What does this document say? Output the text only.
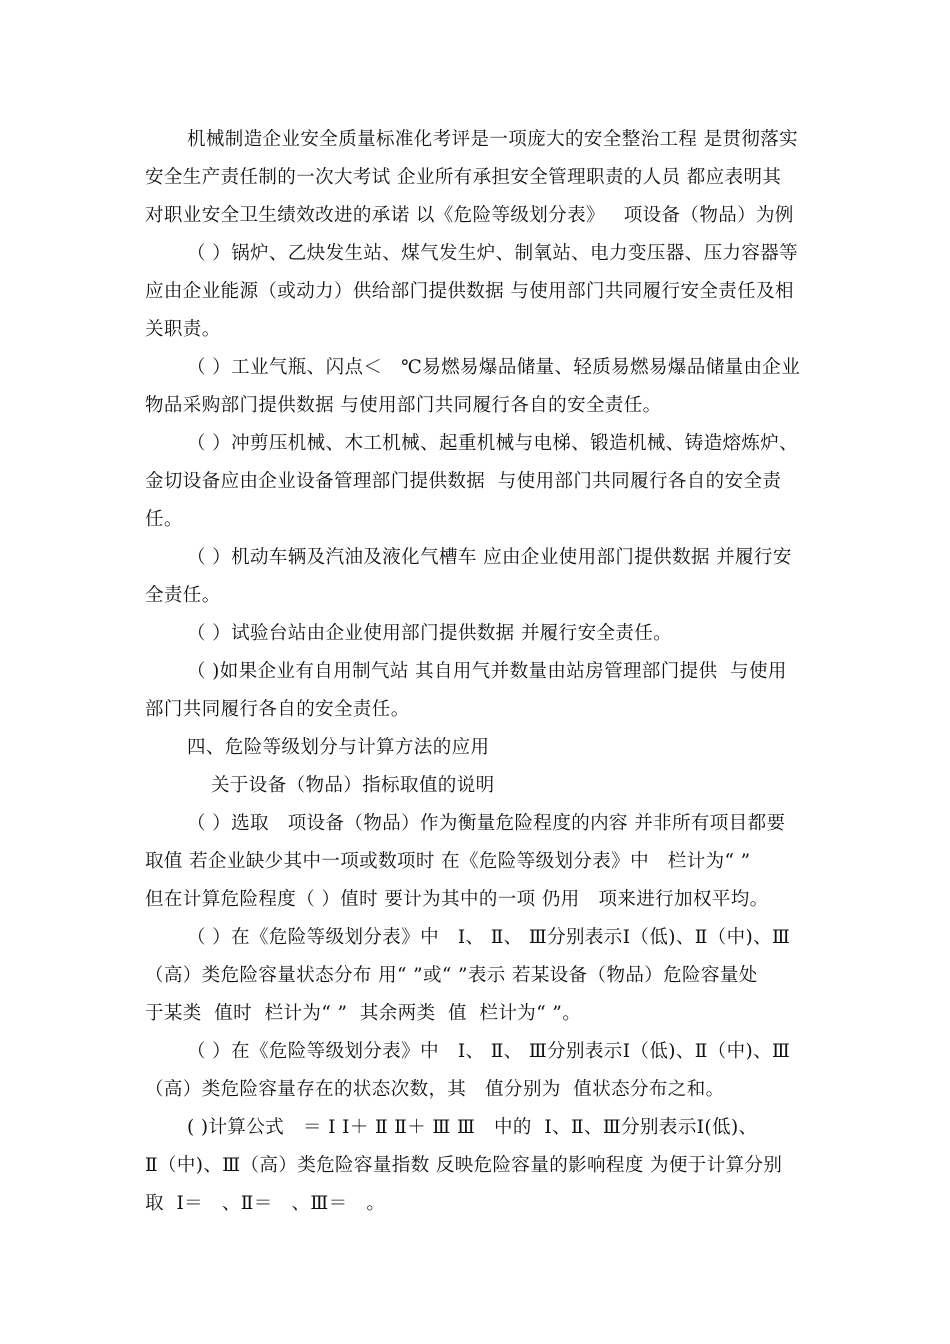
机械制造企业安全质量标准化考评是一项庞大的安全整治工程 是贯彻落实

安全生产责任制的一次大考试 企业所有承担安全管理职责的人员 都应表明其

对职业安全卫生绩效改进的承诺 以《危险等级划分表》   项设备（物品）为例

（ ）锅炉、乙炔发生站、煤气发生炉、制氧站、电力变压器、压力容器等

应由企业能源（或动力）供给部门提供数据 与使用部门共同履行安全责任及相

关职责。

（ ）工业气瓶、闪点＜   ℃易燃易爆品储量、轻质易燃易爆品储量由企业

物品采购部门提供数据 与使用部门共同履行各自的安全责任。

（ ）冲剪压机械、木工机械、起重机械与电梯、锻造机械、铸造熔炼炉、

金切设备应由企业设备管理部门提供数据  与使用部门共同履行各自的安全责

任。

（ ）机动车辆及汽油及液化气槽车 应由企业使用部门提供数据 并履行安

全责任。

（ ）试验台站由企业使用部门提供数据 并履行安全责任。

（ )如果企业有自用制气站 其自用气并数量由站房管理部门提供  与使用

部门共同履行各自的安全责任。

四、危险等级划分与计算方法的应用

关于设备（物品）指标取值的说明

（ ）选取   项设备（物品）作为衡量危险程度的内容 并非所有项目都要

取值 若企业缺少其中一项或数项时 在《危险等级划分表》中   栏计为“ ”

但在计算危险程度（ ）值时 要计为其中的一项 仍用   项来进行加权平均。

（ ）在《危险等级划分表》中   Ⅰ、 Ⅱ、 Ⅲ分别表示Ⅰ（低)、Ⅱ（中)、Ⅲ

（高）类危险容量状态分布 用“ ”或“ ”表示 若某设备（物品）危险容量处

于某类  值时  栏计为“ ”  其余两类  值  栏计为“ ”。

（ ）在《危险等级划分表》中   Ⅰ、 Ⅱ、 Ⅲ分别表示Ⅰ（低)、Ⅱ（中)、Ⅲ

（高）类危险容量存在的状态次数，其   值分别为  值状态分布之和。

( )计算公式   ＝ Ⅰ Ⅰ＋ Ⅱ Ⅱ＋ Ⅲ Ⅲ   中的  Ⅰ、Ⅱ、Ⅲ分别表示Ⅰ(低)、

Ⅱ（中)、Ⅲ（高）类危险容量指数 反映危险容量的影响程度 为便于计算分别

取  Ⅰ＝   、Ⅱ＝   、Ⅲ＝   。
